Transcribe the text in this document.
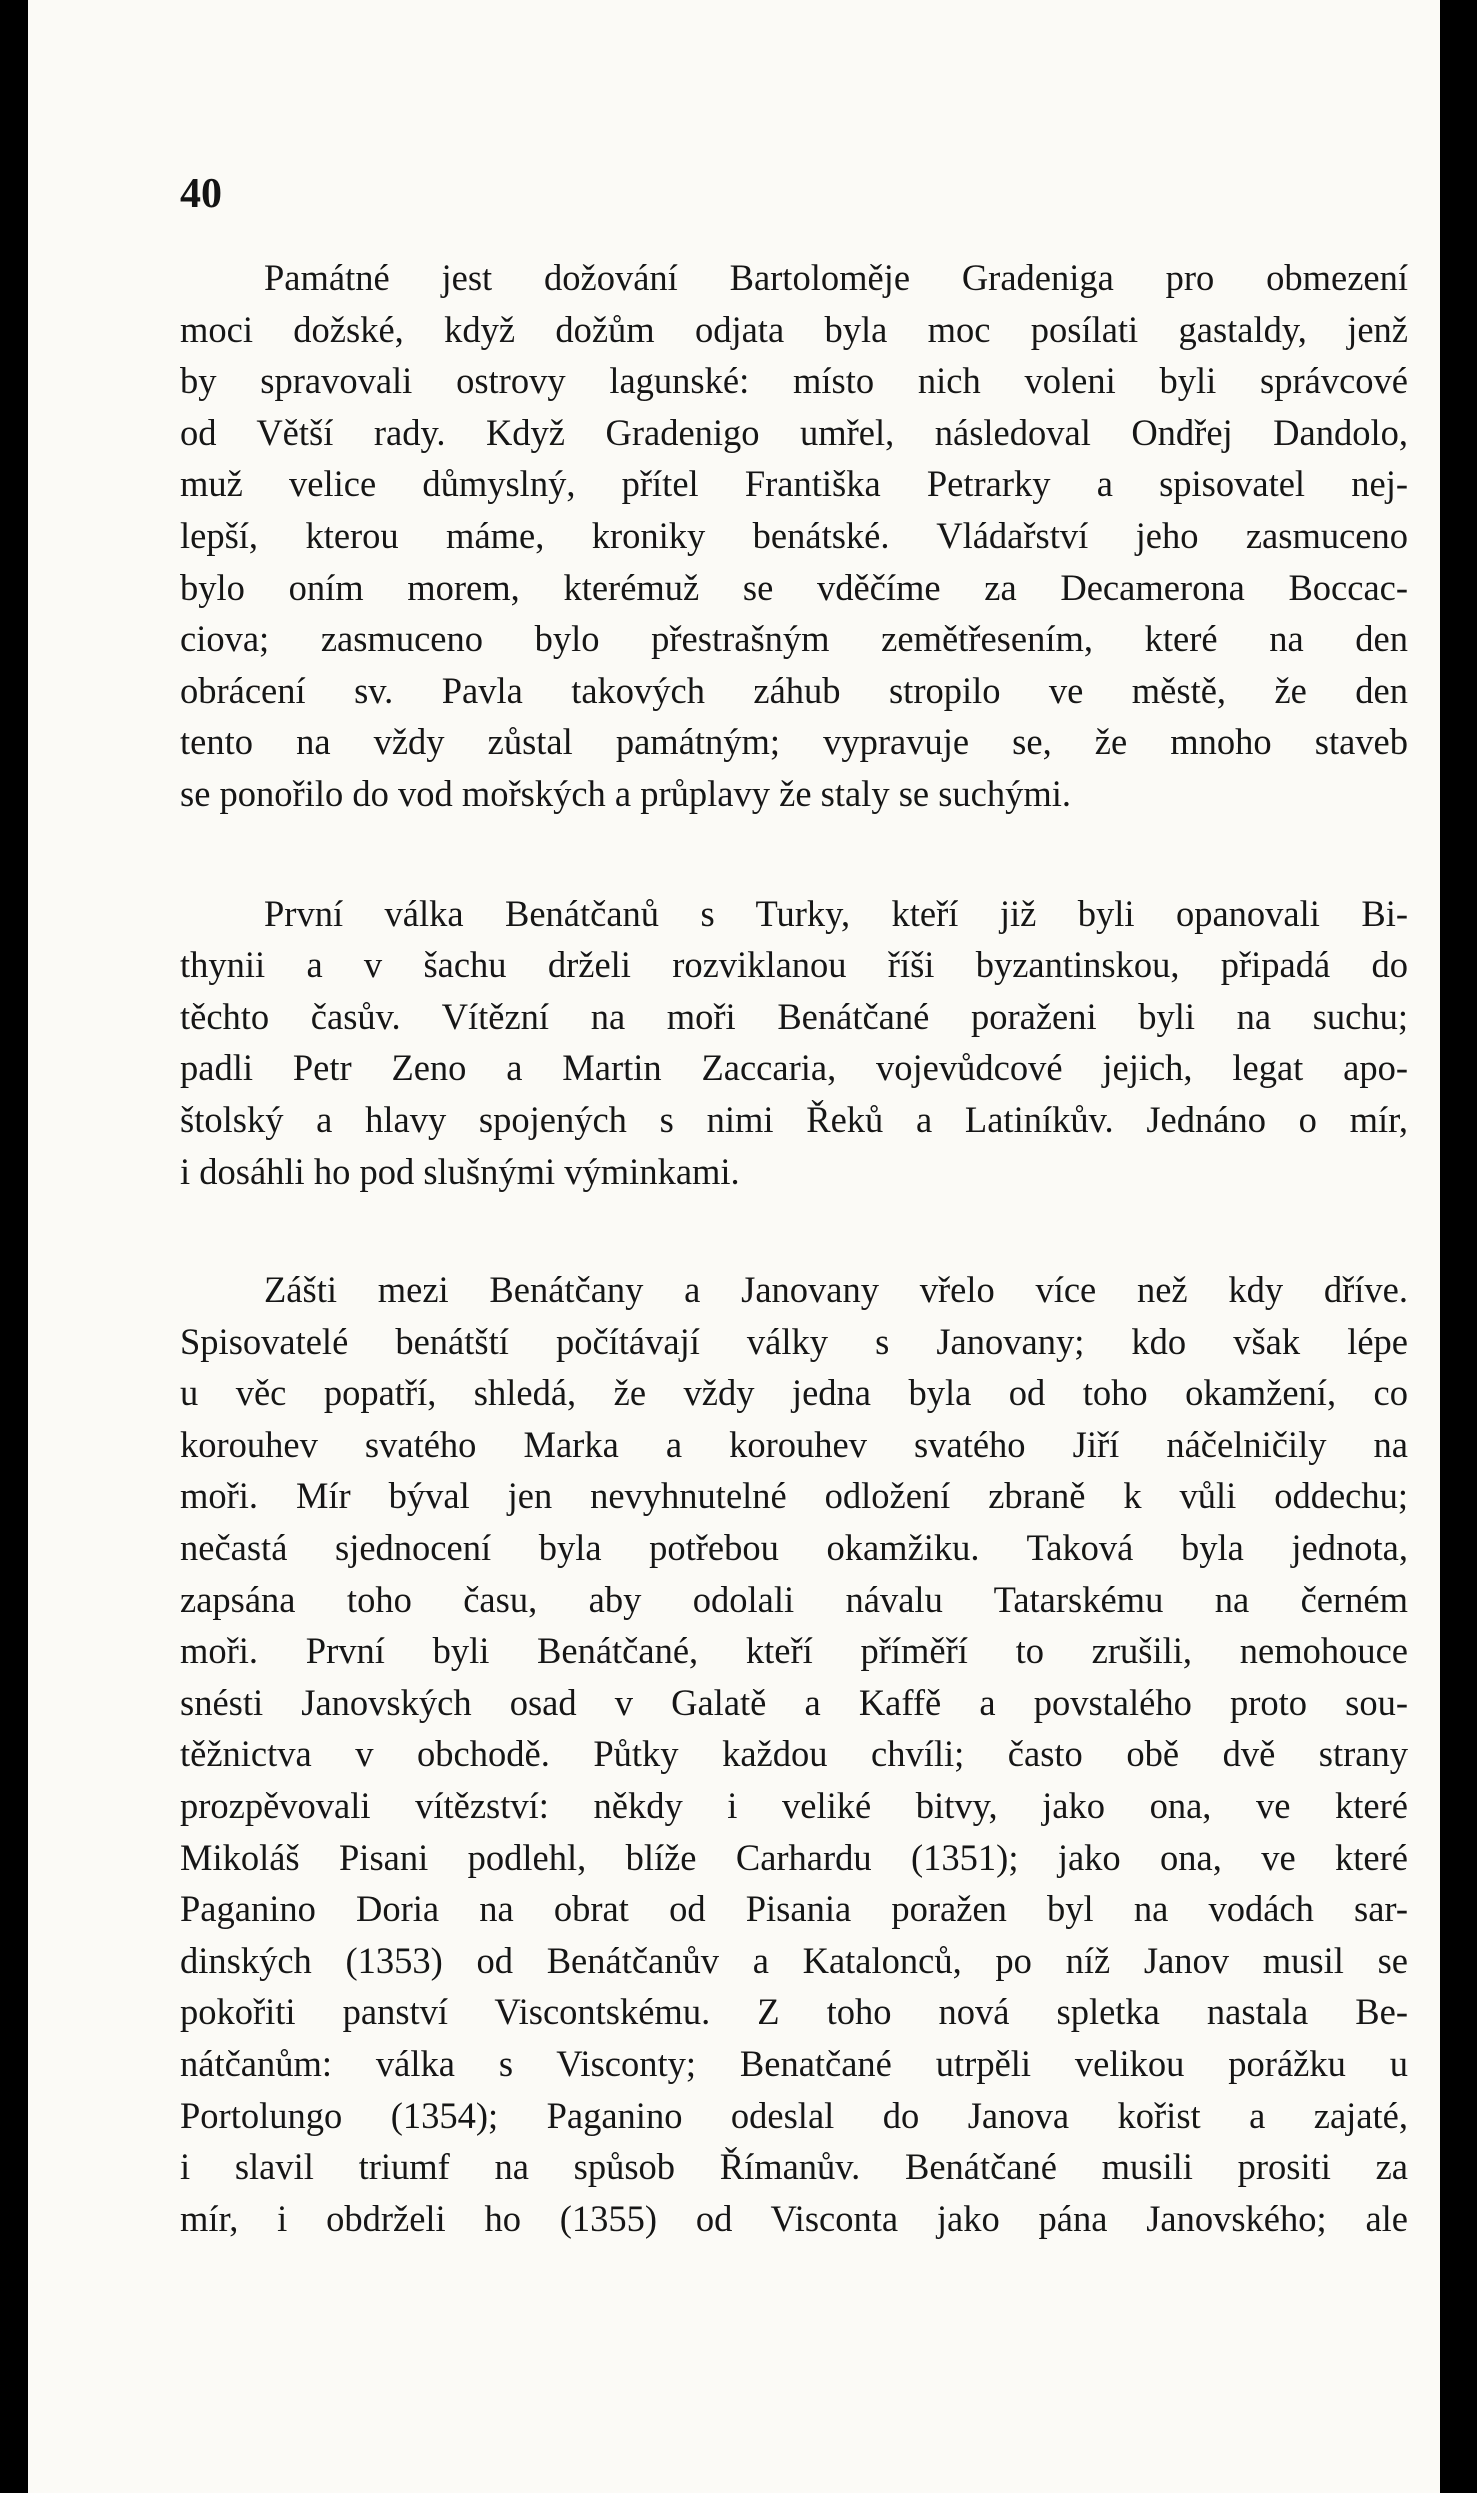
40
Památné jest dožování Bartoloměje Gradeniga pro obmezení
moci dožské, když dožům odjata byla moc posílati gastaldy, jenž
by spravovali ostrovy lagunské: místo nich voleni byli správcové
od Větší rady. Když Gradenigo umřel, následoval Ondřej Dandolo,
muž velice důmyslný, přítel Františka Petrarky a spisovatel nej-
lepší, kterou máme, kroniky benátské. Vládařství jeho zasmuceno
bylo oním morem, kterémuž se vděčíme za Decamerona Boccac-
ciova; zasmuceno bylo přestrašným zemětřesením, které na den
obrácení sv. Pavla takových záhub stropilo ve městě, že den
tento na vždy zůstal památným; vypravuje se, že mnoho staveb
se ponořilo do vod mořských a průplavy že staly se suchými.
První válka Benátčanů s Turky, kteří již byli opanovali Bi-
thynii a v šachu drželi rozviklanou říši byzantinskou, připadá do
těchto časův. Vítězní na moři Benátčané poraženi byli na suchu;
padli Petr Zeno a Martin Zaccaria, vojevůdcové jejich, legat apo-
štolský a hlavy spojených s nimi Řeků a Latiníkův. Jednáno o mír,
i dosáhli ho pod slušnými výminkami.
Zášti mezi Benátčany a Janovany vřelo více než kdy dříve.
Spisovatelé benátští počítávají války s Janovany; kdo však lépe
u věc popatří, shledá, že vždy jedna byla od toho okamžení, co
korouhev svatého Marka a korouhev svatého Jiří náčelničily na
moři. Mír býval jen nevyhnutelné odložení zbraně k vůli oddechu;
nečastá sjednocení byla potřebou okamžiku. Taková byla jednota,
zapsána toho času, aby odolali návalu Tatarskému na černém
moři. První byli Benátčané, kteří příměří to zrušili, nemohouce
snésti Janovských osad v Galatě a Kaffě a povstalého proto sou-
těžnictva v obchodě. Půtky každou chvíli; často obě dvě strany
prozpěvovali vítězství: někdy i veliké bitvy, jako ona, ve které
Mikoláš Pisani podlehl, blíže Carhardu (1351); jako ona, ve které
Paganino Doria na obrat od Pisania poražen byl na vodách sar-
dinských (1353) od Benátčanův a Katalonců, po níž Janov musil se
pokořiti panství Viscontskému. Z toho nová spletka nastala Be-
nátčanům: válka s Visconty; Benatčané utrpěli velikou porážku u
Portolungo (1354); Paganino odeslal do Janova kořist a zajaté,
i slavil triumf na spůsob Římanův. Benátčané musili prositi za
mír, i obdrželi ho (1355) od Visconta jako pána Janovského; ale
